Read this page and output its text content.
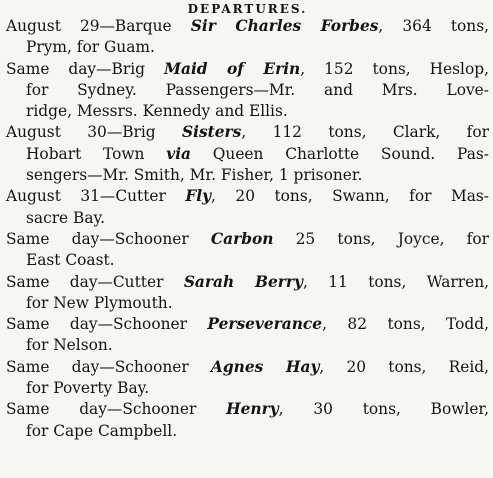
DEPARTURES.
August 29—Barque Sir Charles Forbes, 364 tons,
Prym, for Guam.
Same day—Brig Maid of Erin, 152 tons, Heslop,
for Sydney. Passengers—Mr. and Mrs. Love-
ridge, Messrs. Kennedy and Ellis.
August 30—Brig Sisters, 112 tons, Clark, for
Hobart Town via Queen Charlotte Sound. Pas-
sengers—Mr. Smith, Mr. Fisher, 1 prisoner.
August 31—Cutter Fly, 20 tons, Swann, for Mas-
sacre Bay.
Same day—Schooner Carbon 25 tons, Joyce, for
East Coast.
Same day—Cutter Sarah Berry, 11 tons, Warren,
for New Plymouth.
Same day—Schooner Perseverance, 82 tons, Todd,
for Nelson.
Same day—Schooner Agnes Hay, 20 tons, Reid,
for Poverty Bay.
Same day—Schooner Henry, 30 tons, Bowler,
for Cape Campbell.
